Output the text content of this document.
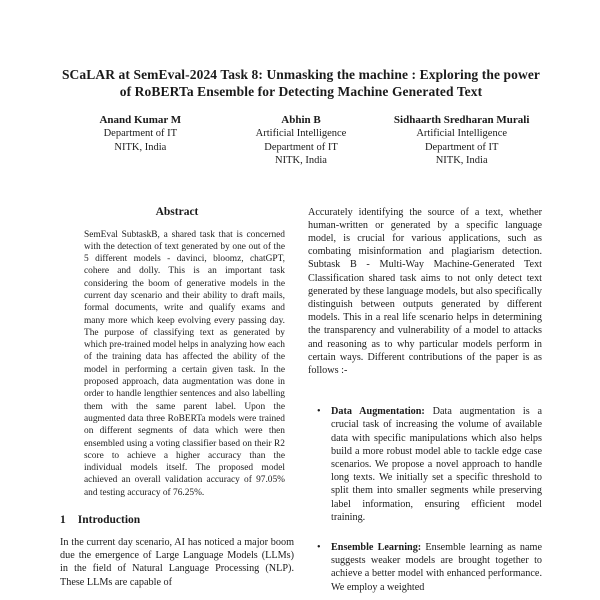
SCaLAR at SemEval-2024 Task 8: Unmasking the machine : Exploring the power of RoBERTa Ensemble for Detecting Machine Generated Text
Anand Kumar M
Department of IT
NITK, India
Abhin B
Artificial Intelligence
Department of IT
NITK, India
Sidhaarth Sredharan Murali
Artificial Intelligence
Department of IT
NITK, India
Abstract
SemEval SubtaskB, a shared task that is concerned with the detection of text generated by one out of the 5 different models - davinci, bloomz, chatGPT, cohere and dolly. This is an important task considering the boom of generative models in the current day scenario and their ability to draft mails, formal documents, write and qualify exams and many more which keep evolving every passing day. The purpose of classifying text as generated by which pre-trained model helps in analyzing how each of the training data has affected the ability of the model in performing a certain given task. In the proposed approach, data augmentation was done in order to handle lengthier sentences and also labelling them with the same parent label. Upon the augmented data three RoBERTa models were trained on different segments of data which were then ensembled using a voting classifier based on their R2 score to achieve a higher accuracy than the individual models itself. The proposed model achieved an overall validation accuracy of 97.05% and testing accuracy of 76.25%.
1 Introduction

In the current day scenario, AI has noticed a major boom due the emergence of Large Language Models (LLMs) in the field of Natural Language Processing (NLP). These LLMs are capable of

Accurately identifying the source of a text, whether human-written or generated by a specific language model, is crucial for various applications, such as combating misinformation and plagiarism detection. Subtask B - Multi-Way Machine-Generated Text Classification shared task aims to not only detect text generated by these language models, but also specifically distinguish between outputs generated by different models. This in a real life scenario helps in determining the transparency and vulnerability of a model to attacks and reasoning as to why particular models perform in certain ways. Different contributions of the paper is as follows :-

• Data Augmentation: Data augmentation is a crucial task of increasing the volume of available data with specific manipulations which also helps build a more robust model able to tackle edge case scenarios. We propose a novel approach to handle long texts. We initially set a specific threshold to split them into smaller segments while preserving label information, ensuring efficient model training.
• Ensemble Learning: Ensemble learning as name suggests weaker models are brought together to achieve a better model with enhanced performance. We employ a weighted
